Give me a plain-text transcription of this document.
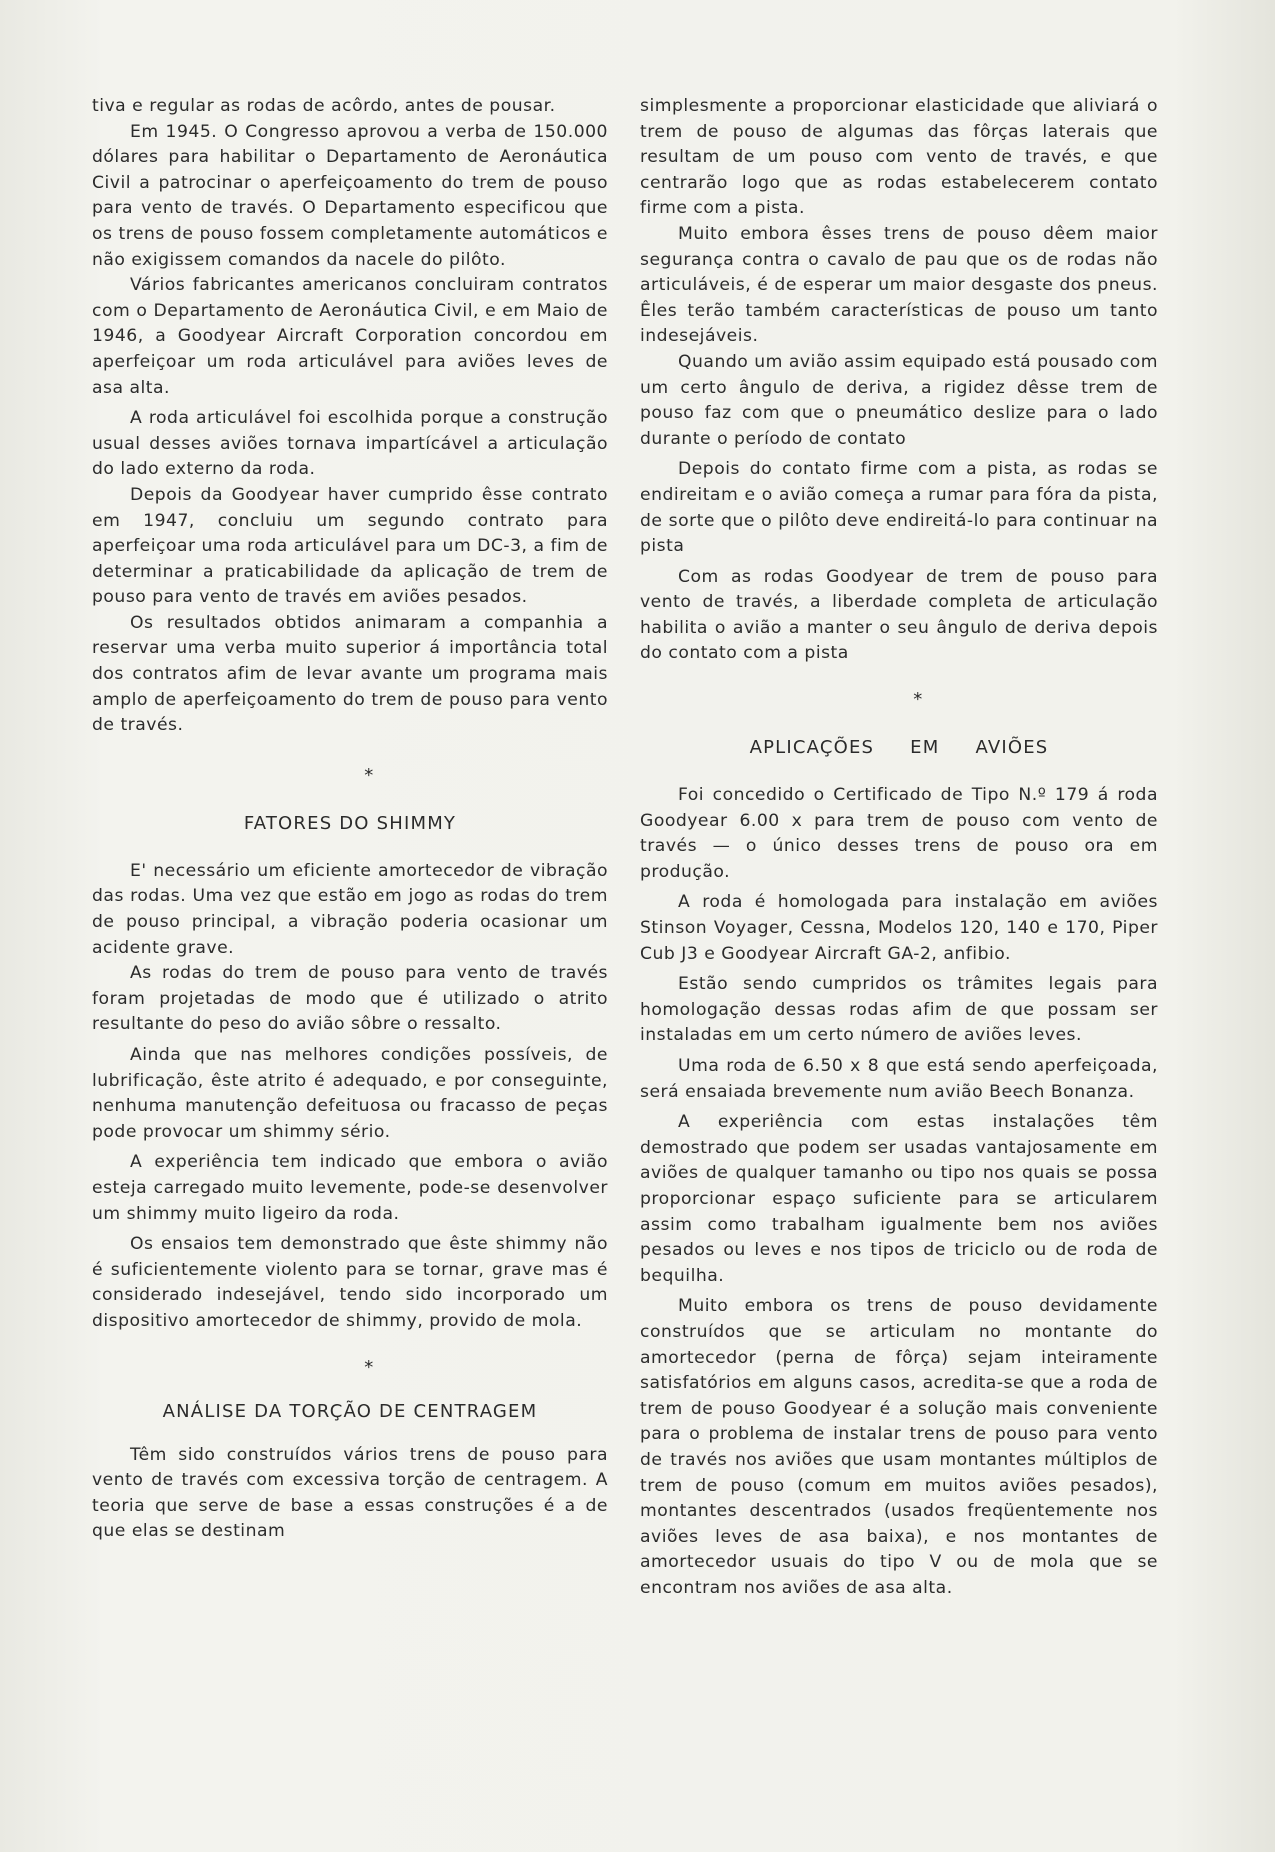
tiva e regular as rodas de acôrdo, antes de pousar.

Em 1945. O Congresso aprovou a verba de 150.000 dólares para habilitar o Departamento de Aeronáutica Civil a patrocinar o aperfeiçoamento do trem de pouso para vento de través. O Departamento especificou que os trens de pouso fossem completamente automáticos e não exigissem comandos da nacele do pilôto.

Vários fabricantes americanos concluiram contratos com o Departamento de Aeronáutica Civil, e em Maio de 1946, a Goodyear Aircraft Corporation concordou em aperfeiçoar um roda articulável para aviões leves de asa alta.

A roda articulável foi escolhida porque a construção usual desses aviões tornava impartícável a articulação do lado externo da roda.

Depois da Goodyear haver cumprido êsse contrato em 1947, concluiu um segundo contrato para aperfeiçoar uma roda articulável para um DC-3, a fim de determinar a praticabilidade da aplicação de trem de pouso para vento de través em aviões pesados.

Os resultados obtidos animaram a companhia a reservar uma verba muito superior á importância total dos contratos afim de levar avante um programa mais amplo de aperfeiçoamento do trem de pouso para vento de través.

*

FATORES DO SHIMMY

E' necessário um eficiente amortecedor de vibração das rodas. Uma vez que estão em jogo as rodas do trem de pouso principal, a vibração poderia ocasionar um acidente grave.

As rodas do trem de pouso para vento de través foram projetadas de modo que é utilizado o atrito resultante do peso do avião sôbre o ressalto.

Ainda que nas melhores condições possíveis, de lubrificação, êste atrito é adequado, e por conseguinte, nenhuma manutenção defeituosa ou fracasso de peças pode provocar um shimmy sério.

A experiência tem indicado que embora o avião esteja carregado muito levemente, pode-se desenvolver um shimmy muito ligeiro da roda.

Os ensaios tem demonstrado que êste shimmy não é suficientemente violento para se tornar, grave mas é considerado indesejável, tendo sido incorporado um dispositivo amortecedor de shimmy, provido de mola.

*

ANÁLISE DA TORÇÃO DE CENTRAGEM

Têm sido construídos vários trens de pouso para vento de través com excessiva torção de centragem. A teoria que serve de base a essas construções é a de que elas se destinam

simplesmente a proporcionar elasticidade que aliviará o trem de pouso de algumas das fôrças laterais que resultam de um pouso com vento de través, e que centrarão logo que as rodas estabelecerem contato firme com a pista.

Muito embora êsses trens de pouso dêem maior segurança contra o cavalo de pau que os de rodas não articuláveis, é de esperar um maior desgaste dos pneus. Êles terão também características de pouso um tanto indesejáveis.

Quando um avião assim equipado está pousado com um certo ângulo de deriva, a rigidez dêsse trem de pouso faz com que o pneumático deslize para o lado durante o período de contato

Depois do contato firme com a pista, as rodas se endireitam e o avião começa a rumar para fóra da pista, de sorte que o pilôto deve endireitá-lo para continuar na pista

Com as rodas Goodyear de trem de pouso para vento de través, a liberdade completa de articulação habilita o avião a manter o seu ângulo de deriva depois do contato com a pista

*

APLICAÇÕES EM AVIÕES

Foi concedido o Certificado de Tipo N.º 179 á roda Goodyear 6.00 x para trem de pouso com vento de través — o único desses trens de pouso ora em produção.

A roda é homologada para instalação em aviões Stinson Voyager, Cessna, Modelos 120, 140 e 170, Piper Cub J3 e Goodyear Aircraft GA-2, anfibio.

Estão sendo cumpridos os trâmites legais para homologação dessas rodas afim de que possam ser instaladas em um certo número de aviões leves.

Uma roda de 6.50 x 8 que está sendo aperfeiçoada, será ensaiada brevemente num avião Beech Bonanza.

A experiência com estas instalações têm demostrado que podem ser usadas vantajosamente em aviões de qualquer tamanho ou tipo nos quais se possa proporcionar espaço suficiente para se articularem assim como trabalham igualmente bem nos aviões pesados ou leves e nos tipos de triciclo ou de roda de bequilha.

Muito embora os trens de pouso devidamente construídos que se articulam no montante do amortecedor (perna de fôrça) sejam inteiramente satisfatórios em alguns casos, acredita-se que a roda de trem de pouso Goodyear é a solução mais conveniente para o problema de instalar trens de pouso para vento de través nos aviões que usam montantes múltiplos de trem de pouso (comum em muitos aviões pesados), montantes descentrados (usados freqüentemente nos aviões leves de asa baixa), e nos montantes de amortecedor usuais do tipo V ou de mola que se encontram nos aviões de asa alta.
